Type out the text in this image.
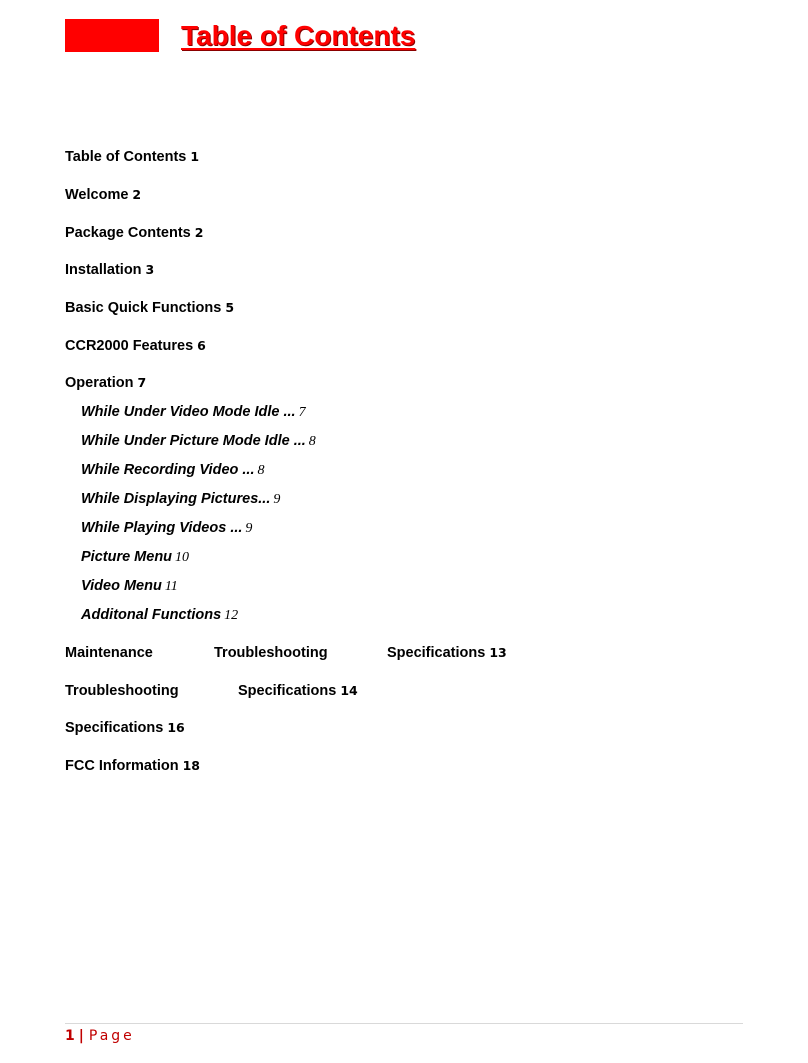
Table of Contents
Table of Contents 1
Welcome 2
Package Contents 2
Installation 3
Basic Quick Functions 5
CCR2000 Features 6
Operation 7
While Under Video Mode Idle ... 7
While Under Picture Mode Idle ... 8
While Recording Video ... 8
While Displaying Pictures... 9
While Playing Videos ... 9
Picture Menu 10
Video Menu 11
Additonal Functions 12
Maintenance	Troubleshooting	Specifications 13
Troubleshooting	Specifications 14
Specifications 16
FCC Information 18
1 | Page
